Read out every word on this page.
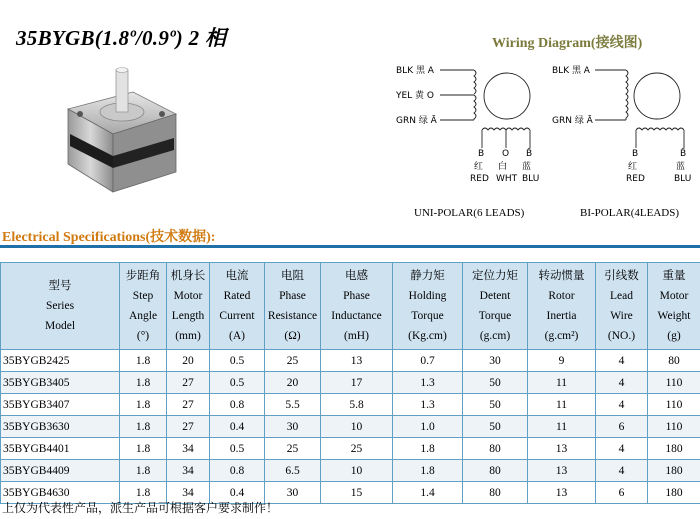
35BYGB(1.8º/0.9º) 2 相	Wiring Diagram(接线图)
BLK 黑 A
YEL 黄 O
GRN 绿 Ā
B O B̄
红 白 蓝
RED WHT BLU
BLK 黑 A
GRN 绿 Ā
B	B̄
红	蓝
RED	BLU
UNI-POLAR(6 LEADS)	BI-POLAR(4LEADS)
Electrical Specifications(技术数据):
型号
Series
Model	步距角
Step
Angle
(°)	机身长
Motor
Length
(mm)	电流
Rated
Current
(A)	电阻
Phase
Resistance
(Ω)	电感
Phase
Inductance
(mH)	静力矩
Holding
Torque
(Kg.cm)	定位力矩
Detent
Torque
(g.cm)	转动惯量
Rotor
Inertia
(g.cm²)	引线数
Lead
Wire
(NO.)	重量
Motor
Weight
(g)

35BYGB2425	1.8	20	0.5	25	13	0.7	30	9	4	80
35BYGB3405	1.8	27	0.5	20	17	1.3	50	11	4	110
35BYGB3407	1.8	27	0.8	5.5	5.8	1.3	50	11	4	110
35BYGB3630	1.8	27	0.4	30	10	1.0	50	11	6	110
35BYGB4401	1.8	34	0.5	25	25	1.8	80	13	4	180
35BYGB4409	1.8	34	0.8	6.5	10	1.8	80	13	4	180
35BYGB4630	1.8	34	0.4	30	15	1.4	80	13	6	180
上仅为代表性产品，派生产品可根据客户要求制作！
